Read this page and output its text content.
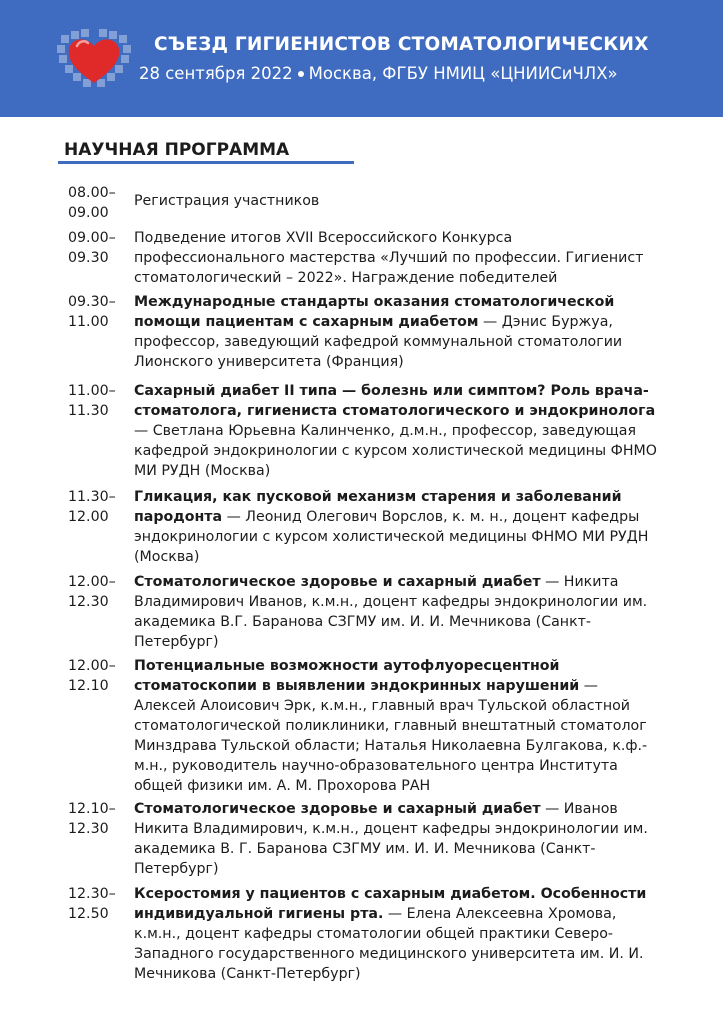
СЪЕЗД ГИГИЕНИСТОВ СТОМАТОЛОГИЧЕСКИХ
28 сентября 2022 Москва, ФГБУ НМИЦ «ЦНИИСиЧЛХ»
НАУЧНАЯ ПРОГРАММА
08.00–
09.00
Регистрация участников
09.00–
09.30
Подведение итогов XVII Всероссийского Конкурса профессионального мастерства «Лучший по профессии. Гигиенист стоматологический – 2022». Награждение победителей
09.30–
11.00
Международные стандарты оказания стоматологической помощи пациентам с сахарным диабетом — Дэнис Буржуа, профессор, заведующий кафедрой коммунальной стоматологии Лионского университета (Франция)
11.00–
11.30
Сахарный диабет II типа — болезнь или симптом? Роль врача-стоматолога, гигиениста стоматологического и эндокринолога — Светлана Юрьевна Калинченко, д.м.н., профессор, заведующая кафедрой эндокринологии с курсом холистической медицины ФНМО МИ РУДН (Москва)
11.30–
12.00
Гликация, как пусковой механизм старения и заболеваний пародонта — Леонид Олегович Ворслов, к. м. н., доцент кафедры эндокринологии с курсом холистической медицины ФНМО МИ РУДН (Москва)
12.00–
12.30
Стоматологическое здоровье и сахарный диабет — Никита Владимирович Иванов, к.м.н., доцент кафедры эндокринологии им. академика В.Г. Баранова СЗГМУ им. И. И. Мечникова (Санкт-Петербург)
12.00–
12.10
Потенциальные возможности аутофлуоресцентной стоматоскопии в выявлении эндокринных нарушений — Алексей Алоисович Эрк, к.м.н., главный врач Тульской областной стоматологической поликлиники, главный внештатный стоматолог Минздрава Тульской области; Наталья Николаевна Булгакова, к.ф.-м.н., руководитель научно-образовательного центра Института общей физики им. А. М. Прохорова РАН
12.10–
12.30
Стоматологическое здоровье и сахарный диабет — Иванов Никита Владимирович, к.м.н., доцент кафедры эндокринологии им. академика В. Г. Баранова СЗГМУ им. И. И. Мечникова (Санкт-Петербург)
12.30–
12.50
Ксеростомия у пациентов с сахарным диабетом. Особенности индивидуальной гигиены рта. — Елена Алексеевна Хромова, к.м.н., доцент кафедры стоматологии общей практики Северо-Западного государственного медицинского университета им. И. И. Мечникова (Санкт-Петербург)
